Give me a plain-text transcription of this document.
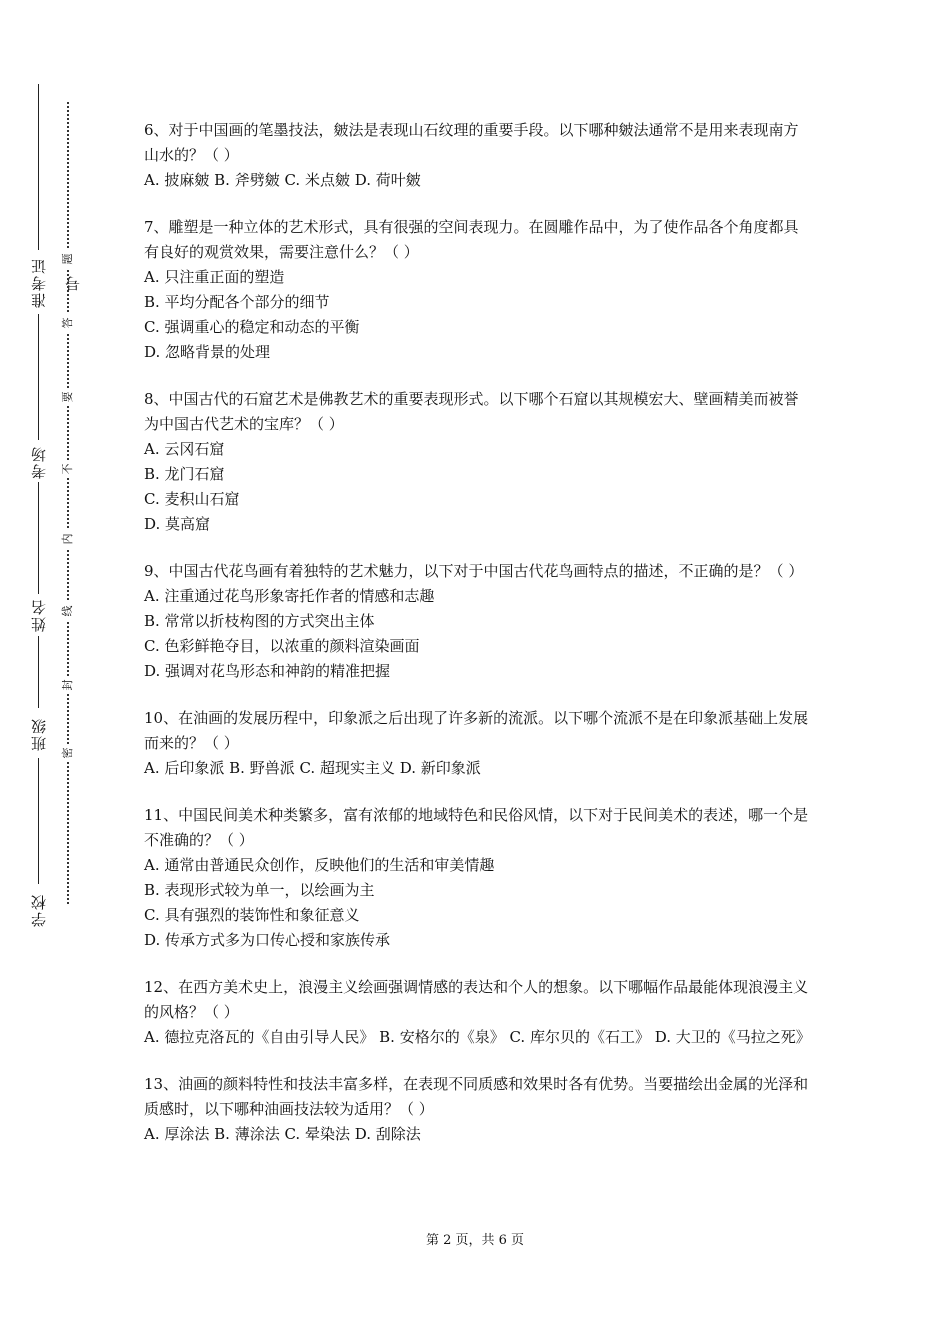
准考证号
考场
姓名
班级
学校
题
答
要
不
内
线
封
密

6、对于中国画的笔墨技法，皴法是表现山石纹理的重要手段。以下哪种皴法通常不是用来表现南方山水的？（ ）

A. 披麻皴 B. 斧劈皴 C. 米点皴 D. 荷叶皴

7、雕塑是一种立体的艺术形式，具有很强的空间表现力。在圆雕作品中，为了使作品各个角度都具有良好的观赏效果，需要注意什么？（ ）

A. 只注重正面的塑造

B. 平均分配各个部分的细节

C. 强调重心的稳定和动态的平衡

D. 忽略背景的处理

8、中国古代的石窟艺术是佛教艺术的重要表现形式。以下哪个石窟以其规模宏大、壁画精美而被誉为中国古代艺术的宝库？（ ）

A. 云冈石窟

B. 龙门石窟

C. 麦积山石窟

D. 莫高窟

9、中国古代花鸟画有着独特的艺术魅力，以下对于中国古代花鸟画特点的描述，不正确的是？（ ）

A. 注重通过花鸟形象寄托作者的情感和志趣

B. 常常以折枝构图的方式突出主体

C. 色彩鲜艳夺目，以浓重的颜料渲染画面

D. 强调对花鸟形态和神韵的精准把握

10、在油画的发展历程中，印象派之后出现了许多新的流派。以下哪个流派不是在印象派基础上发展而来的？（ ）

A. 后印象派 B. 野兽派 C. 超现实主义 D. 新印象派

11、中国民间美术种类繁多，富有浓郁的地域特色和民俗风情，以下对于民间美术的表述，哪一个是不准确的？（ ）

A. 通常由普通民众创作，反映他们的生活和审美情趣

B. 表现形式较为单一，以绘画为主

C. 具有强烈的装饰性和象征意义

D. 传承方式多为口传心授和家族传承

12、在西方美术史上，浪漫主义绘画强调情感的表达和个人的想象。以下哪幅作品最能体现浪漫主义的风格？（ ）

A. 德拉克洛瓦的《自由引导人民》 B. 安格尔的《泉》 C. 库尔贝的《石工》 D. 大卫的《马拉之死》

13、油画的颜料特性和技法丰富多样，在表现不同质感和效果时各有优势。当要描绘出金属的光泽和质感时，以下哪种油画技法较为适用？（ ）

A. 厚涂法 B. 薄涂法 C. 晕染法 D. 刮除法

第 2 页，共 6 页
